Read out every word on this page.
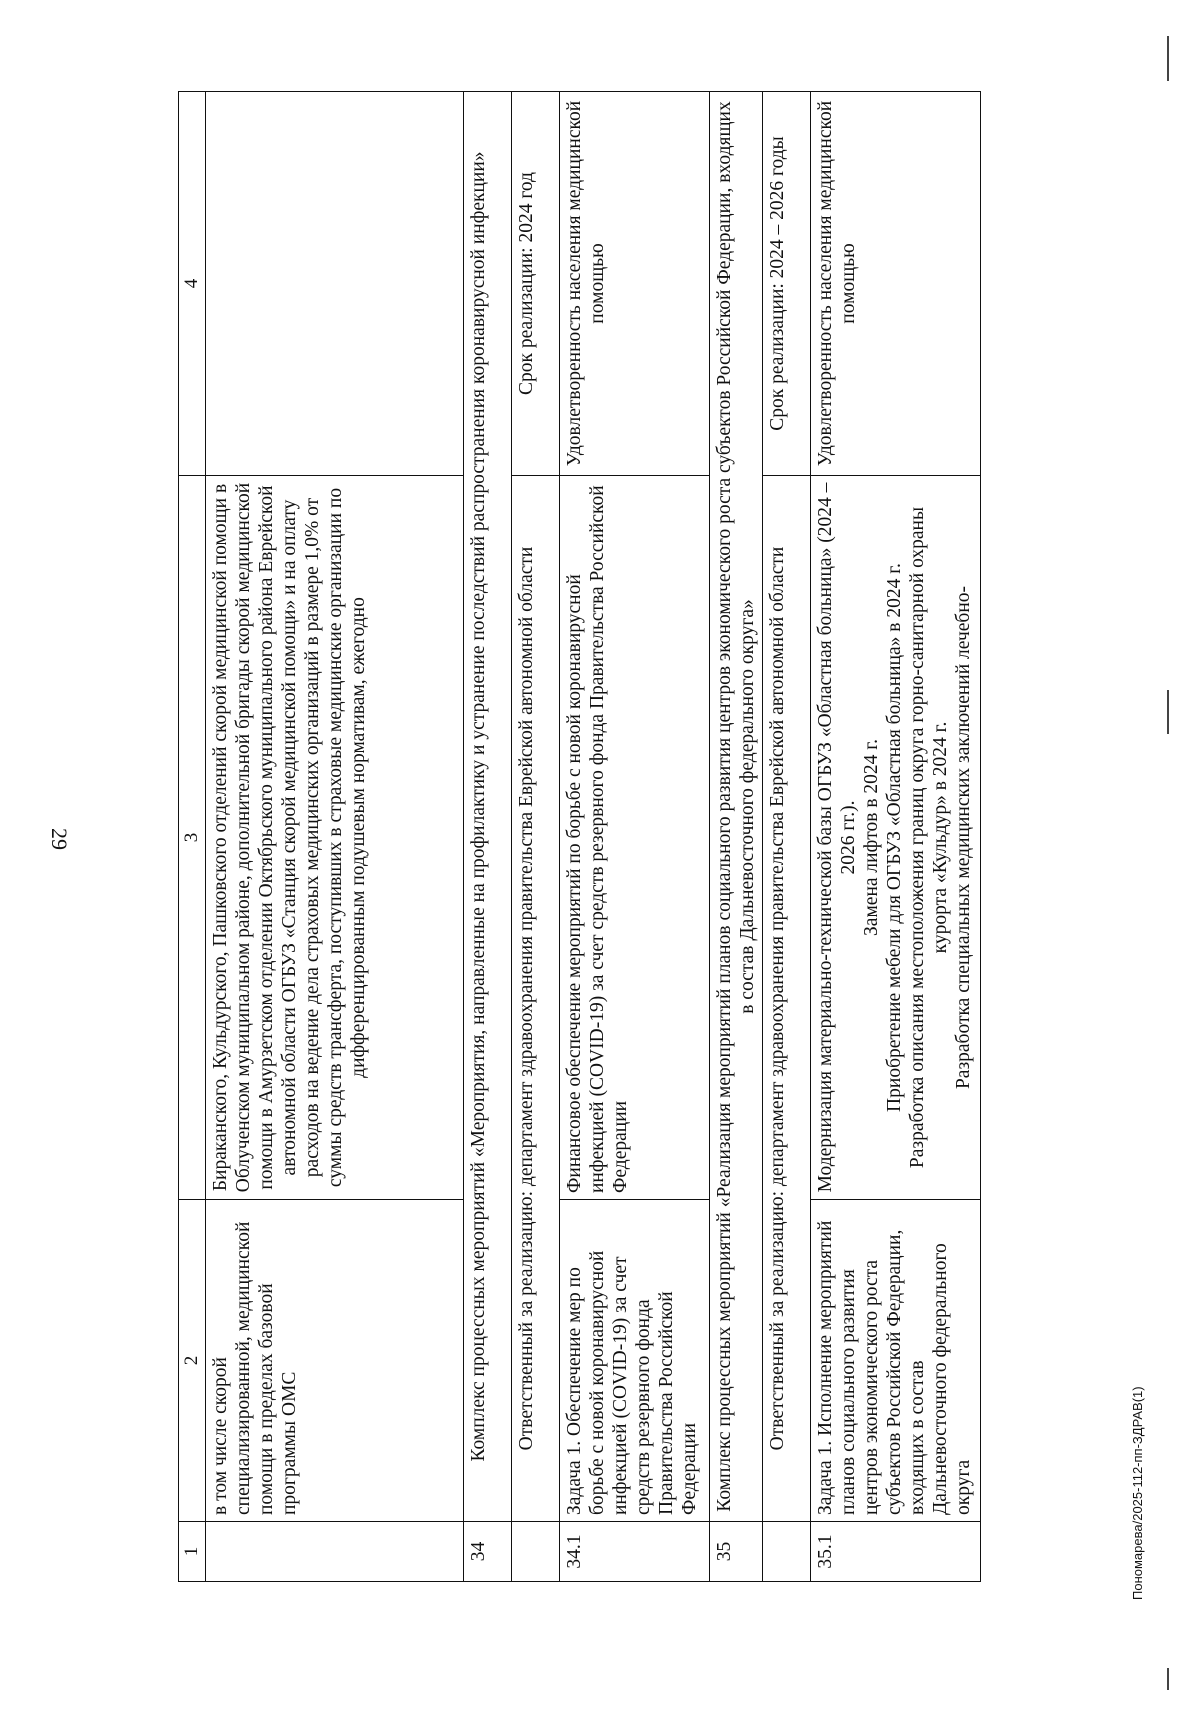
29
Пономарева/2025-112-пп-ЗДРАВ(1)
1	2	3	4
	в том числе скорой специализированной, медицинской помощи в пределах базовой программы ОМС	Бираканского, Кульдурского, Пашковского отделений скорой медицинской помощи в Облученском муниципальном районе, дополнительной бригады скорой медицинской помощи в Амурзетском отделении Октябрьского муниципального района Еврейской автономной области ОГБУЗ «Станция скорой медицинской помощи» и на оплату расходов на ведение дела страховых медицинских организаций в размере 1,0% от суммы средств трансферта, поступивших в страховые медицинские организации по дифференцированным подушевым нормативам, ежегодно	
34	Комплекс процессных мероприятий «Мероприятия, направленные на профилактику и устранение последствий распространения коронавирусной инфекции»		
	Ответственный за реализацию: департамент здравоохранения правительства Еврейской автономной области		Срок реализации: 2024 год
34.1	Задача 1. Обеспечение мер по борьбе с новой коронавирусной инфекцией (COVID-19) за счет средств резервного фонда Правительства Российской Федерации	Финансовое обеспечение мероприятий по борьбе с новой коронавирусной инфекцией (COVID-19) за счет средств резервного фонда Правительства Российской Федерации	Удовлетворенность населения медицинской помощью
35	Комплекс процессных мероприятий «Реализация мероприятий планов социального развития центров экономического роста субъектов Российской Федерации, входящих в состав Дальневосточного федерального округа»		
	Ответственный за реализацию: департамент здравоохранения правительства Еврейской автономной области		Срок реализации: 2024 – 2026 годы
35.1	Задача 1. Исполнение мероприятий планов социального развития центров экономического роста субъектов Российской Федерации, входящих в состав Дальневосточного федерального округа	Модернизация материально-технической базы ОГБУЗ «Областная больница» (2024 – 2026 гг.). Замена лифтов в 2024 г. Приобретение мебели для ОГБУЗ «Областная больница» в 2024 г. Разработка описания местоположения границ округа горно-санитарной охраны курорта «Кульдур» в 2024 г. Разработка специальных медицинских заключений лечебно-	Удовлетворенность населения медицинской помощью
